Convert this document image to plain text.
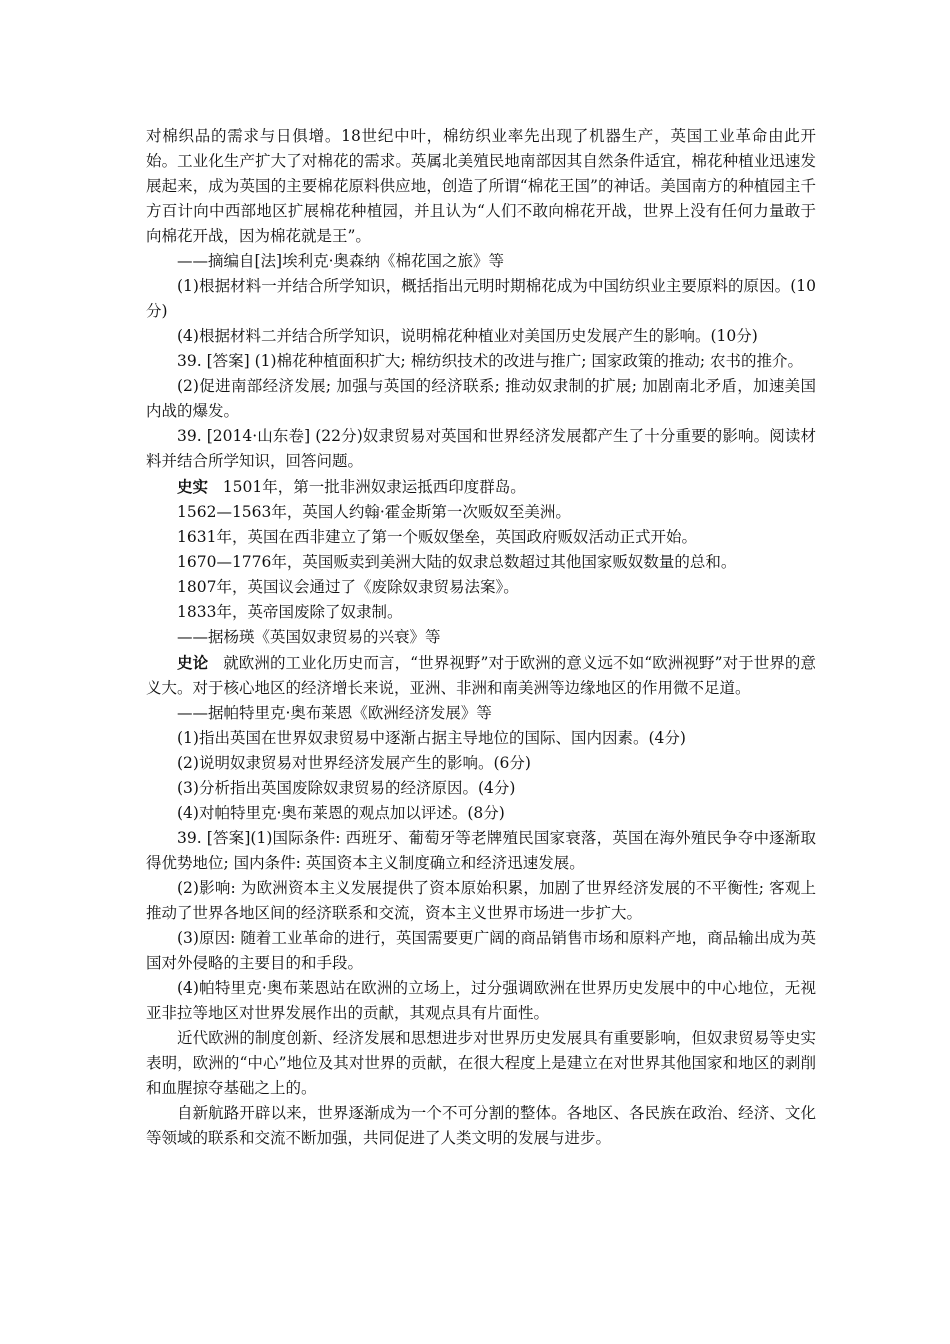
对棉织品的需求与日俱增。18世纪中叶，棉纺织业率先出现了机器生产，英国工业革命由此开始。工业化生产扩大了对棉花的需求。英属北美殖民地南部因其自然条件适宜，棉花种植业迅速发展起来，成为英国的主要棉花原料供应地，创造了所谓“棉花王国”的神话。美国南方的种植园主千方百计向中西部地区扩展棉花种植园，并且认为“人们不敢向棉花开战，世界上没有任何力量敢于向棉花开战，因为棉花就是王”。

——摘编自[法]埃利克·奥森纳《棉花国之旅》等

(1)根据材料一并结合所学知识，概括指出元明时期棉花成为中国纺织业主要原料的原因。(10分)

(4)根据材料二并结合所学知识，说明棉花种植业对美国历史发展产生的影响。(10分)

39. [答案] (1)棉花种植面积扩大; 棉纺织技术的改进与推广; 国家政策的推动; 农书的推介。

(2)促进南部经济发展; 加强与英国的经济联系; 推动奴隶制的扩展; 加剧南北矛盾，加速美国内战的爆发。

39. [2014·山东卷] (22分)奴隶贸易对英国和世界经济发展都产生了十分重要的影响。阅读材料并结合所学知识，回答问题。

史实 1501年，第一批非洲奴隶运抵西印度群岛。

1562—1563年，英国人约翰·霍金斯第一次贩奴至美洲。

1631年，英国在西非建立了第一个贩奴堡垒，英国政府贩奴活动正式开始。

1670—1776年，英国贩卖到美洲大陆的奴隶总数超过其他国家贩奴数量的总和。

1807年，英国议会通过了《废除奴隶贸易法案》。

1833年，英帝国废除了奴隶制。

——据杨瑛《英国奴隶贸易的兴衰》等

史论 就欧洲的工业化历史而言，“世界视野”对于欧洲的意义远不如“欧洲视野”对于世界的意义大。对于核心地区的经济增长来说，亚洲、非洲和南美洲等边缘地区的作用微不足道。

——据帕特里克·奥布莱恩《欧洲经济发展》等

(1)指出英国在世界奴隶贸易中逐渐占据主导地位的国际、国内因素。(4分)

(2)说明奴隶贸易对世界经济发展产生的影响。(6分)

(3)分析指出英国废除奴隶贸易的经济原因。(4分)

(4)对帕特里克·奥布莱恩的观点加以评述。(8分)

39. [答案](1)国际条件: 西班牙、葡萄牙等老牌殖民国家衰落，英国在海外殖民争夺中逐渐取得优势地位; 国内条件: 英国资本主义制度确立和经济迅速发展。

(2)影响: 为欧洲资本主义发展提供了资本原始积累，加剧了世界经济发展的不平衡性; 客观上推动了世界各地区间的经济联系和交流，资本主义世界市场进一步扩大。

(3)原因: 随着工业革命的进行，英国需要更广阔的商品销售市场和原料产地，商品输出成为英国对外侵略的主要目的和手段。

(4)帕特里克·奥布莱恩站在欧洲的立场上，过分强调欧洲在世界历史发展中的中心地位，无视亚非拉等地区对世界发展作出的贡献，其观点具有片面性。

近代欧洲的制度创新、经济发展和思想进步对世界历史发展具有重要影响，但奴隶贸易等史实表明，欧洲的“中心”地位及其对世界的贡献，在很大程度上是建立在对世界其他国家和地区的剥削和血腥掠夺基础之上的。

自新航路开辟以来，世界逐渐成为一个不可分割的整体。各地区、各民族在政治、经济、文化等领域的联系和交流不断加强，共同促进了人类文明的发展与进步。
